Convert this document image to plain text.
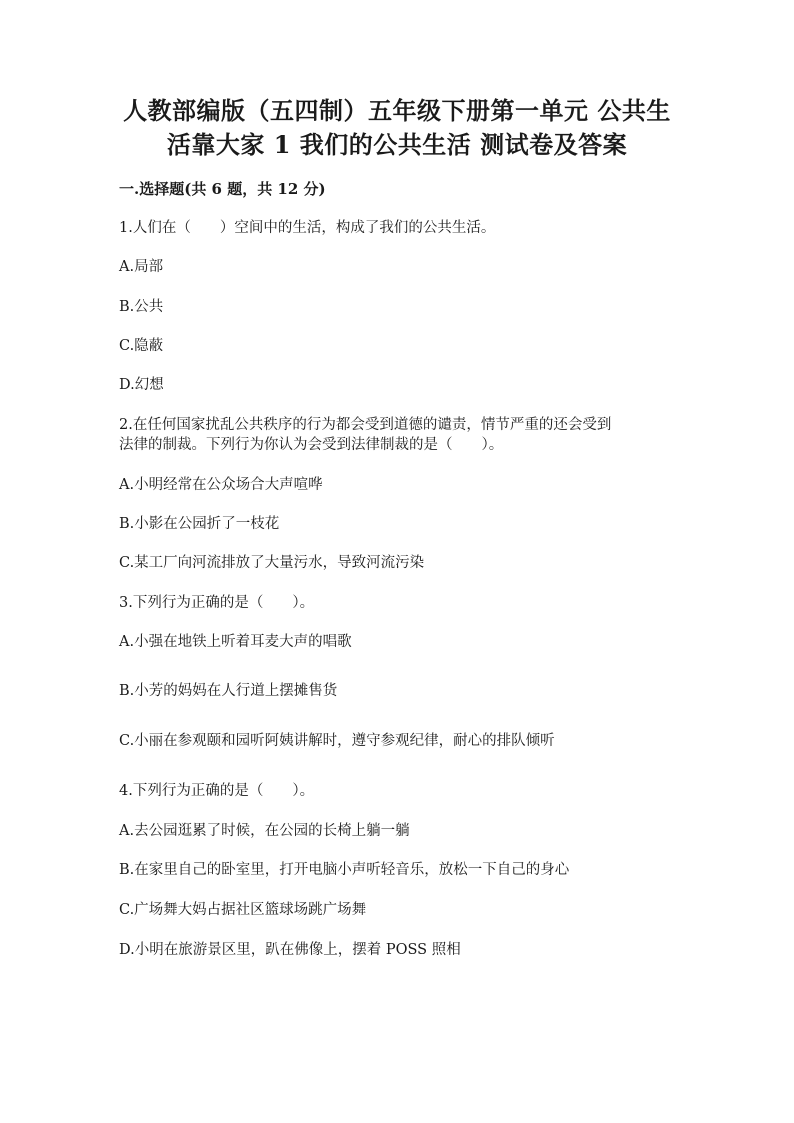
人教部编版（五四制）五年级下册第一单元 公共生
活靠大家 1 我们的公共生活 测试卷及答案
一.选择题(共 6 题，共 12 分)
1.人们在（　　）空间中的生活，构成了我们的公共生活。
A.局部
B.公共
C.隐蔽
D.幻想
2.在任何国家扰乱公共秩序的行为都会受到道德的谴责，情节严重的还会受到
法律的制裁。下列行为你认为会受到法律制裁的是（　　）。
A.小明经常在公众场合大声喧哗
B.小影在公园折了一枝花
C.某工厂向河流排放了大量污水，导致河流污染
3.下列行为正确的是（　　）。
A.小强在地铁上听着耳麦大声的唱歌
B.小芳的妈妈在人行道上摆摊售货
C.小丽在参观颐和园听阿姨讲解时，遵守参观纪律，耐心的排队倾听
4.下列行为正确的是（　　）。
A.去公园逛累了时候，在公园的长椅上躺一躺
B.在家里自己的卧室里，打开电脑小声听轻音乐，放松一下自己的身心
C.广场舞大妈占据社区篮球场跳广场舞
D.小明在旅游景区里，趴在佛像上，摆着 POSS 照相
